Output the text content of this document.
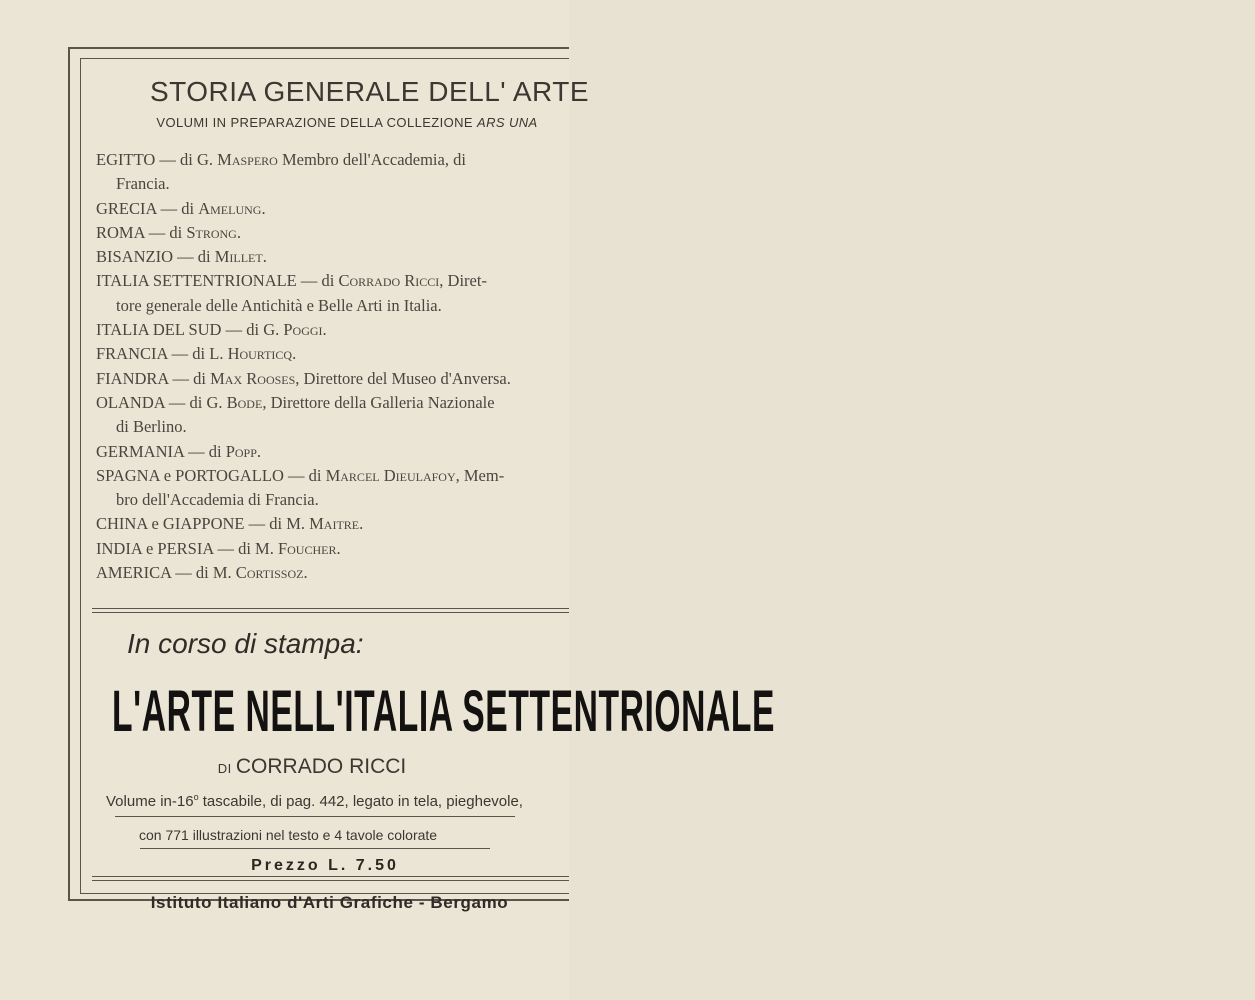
STORIA GENERALE DELL' ARTE
VOLUMI IN PREPARAZIONE DELLA COLLEZIONE ARS UNA
EGITTO — di G. Maspero Membro dell'Accademia, di
Francia.
GRECIA — di Amelung.
ROMA — di Strong.
BISANZIO — di Millet.
ITALIA SETTENTRIONALE — di Corrado Ricci, Diret-
tore generale delle Antichità e Belle Arti in Italia.
ITALIA DEL SUD — di G. Poggi.
FRANCIA — di L. Hourticq.
FIANDRA — di Max Rooses, Direttore del Museo d'Anversa.
OLANDA — di G. Bode, Direttore della Galleria Nazionale
di Berlino.
GERMANIA — di Popp.
SPAGNA e PORTOGALLO — di Marcel Dieulafoy, Mem-
bro dell'Accademia di Francia.
CHINA e GIAPPONE — di M. Maitre.
INDIA e PERSIA — di M. Foucher.
AMERICA — di M. Cortissoz.
In corso di stampa:
L'ARTE NELL'ITALIA SETTENTRIONALE
DI CORRADO RICCI
Volume in-16$^o$ tascabile, di pag. 442, legato in tela, pieghevole,
con 771 illustrazioni nel testo e 4 tavole colorate
Prezzo L. 7.50
Istituto Italiano d'Arti Grafiche - Bergamo
